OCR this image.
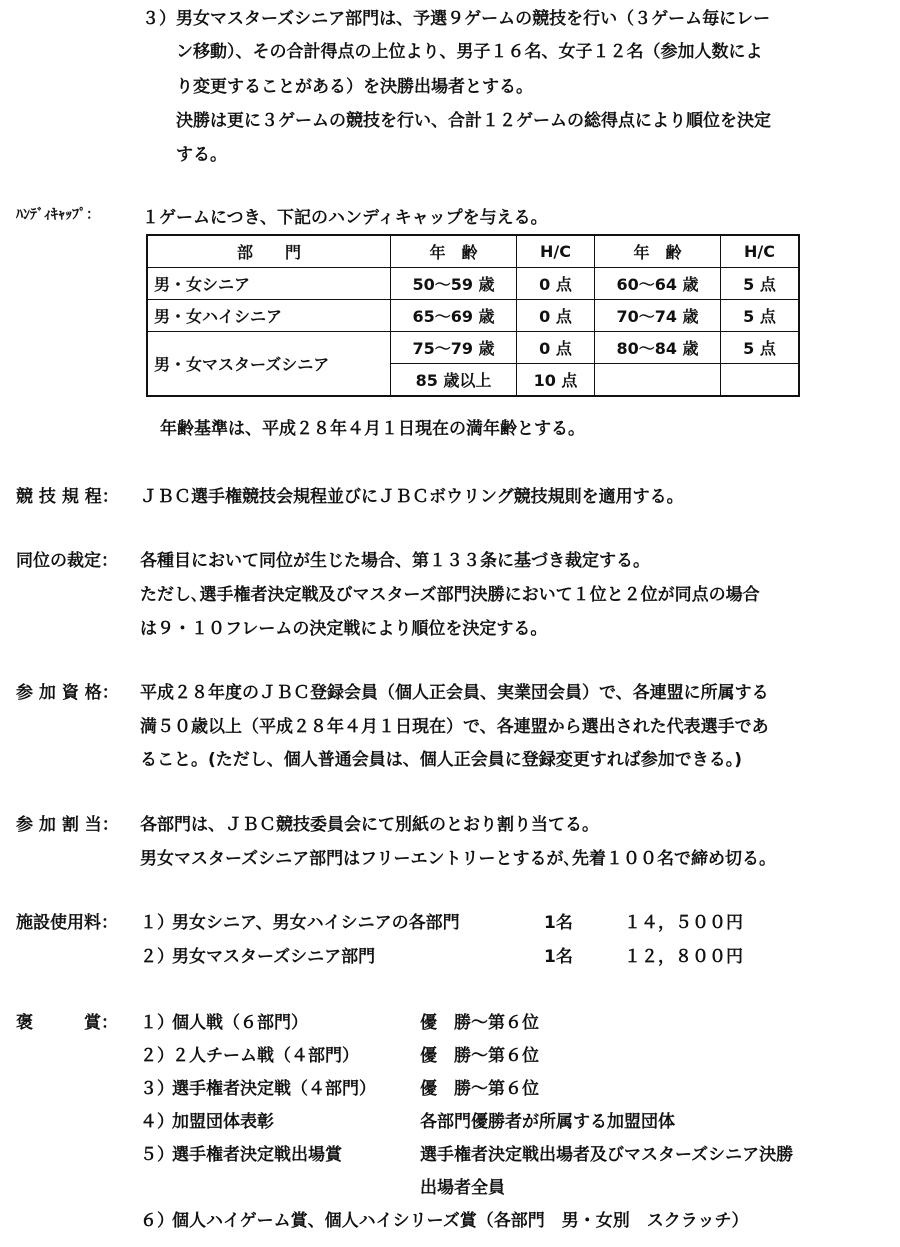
３）男女マスターズシニア部門は、予選９ゲームの競技を行い（３ゲーム毎にレー
ン移動）、その合計得点の上位より、男子１６名、女子１２名（参加人数によ
り変更することがある）を決勝出場者とする。
決勝は更に３ゲームの競技を行い、合計１２ゲームの総得点により順位を決定
する。
ﾊﾝﾃﾞｨｷｬｯﾌﾟ： １ゲームにつき、下記のハンディキャップを与える。
部　　門	年　齢	H/C	年　齢	H/C
男・女シニア	50～59 歳	0 点	60～64 歳	5 点
男・女ハイシニア	65～69 歳	0 点	70～74 歳	5 点
男・女マスターズシニア	75～79 歳	0 点	80～84 歳	5 点
	85 歳以上	10 点		
年齢基準は、平成２８年４月１日現在の満年齢とする。
競 技 規 程： ＪＢＣ選手権競技会規程並びにＪＢＣボウリング競技規則を適用する。
同位の裁定： 各種目において同位が生じた場合、第１３３条に基づき裁定する。
ただし､選手権者決定戦及びマスターズ部門決勝において１位と２位が同点の場合
は９・１０フレームの決定戦により順位を決定する。
参 加 資 格： 平成２８年度のＪＢＣ登録会員（個人正会員、実業団会員）で、各連盟に所属する
満５０歳以上（平成２８年４月１日現在）で、各連盟から選出された代表選手であ
ること。(ただし、個人普通会員は、個人正会員に登録変更すれば参加できる。)
参 加 割 当： 各部門は、ＪＢＣ競技委員会にて別紙のとおり割り当てる。
男女マスターズシニア部門はフリーエントリーとするが､先着１００名で締め切る。
施設使用料： １）男女シニア、男女ハイシニアの各部門	1名	１４，５００円
２）男女マスターズシニア部門	1名	１２，８００円
褒　　　賞： １）個人戦（６部門）	優　勝～第６位
２）２人チーム戦（４部門）	優　勝～第６位
３）選手権者決定戦（４部門）	優　勝～第６位
４）加盟団体表彰	各部門優勝者が所属する加盟団体
５）選手権者決定戦出場賞	選手権者決定戦出場者及びマスターズシニア決勝
出場者全員
６）個人ハイゲーム賞、個人ハイシリーズ賞（各部門　男・女別　スクラッチ）
